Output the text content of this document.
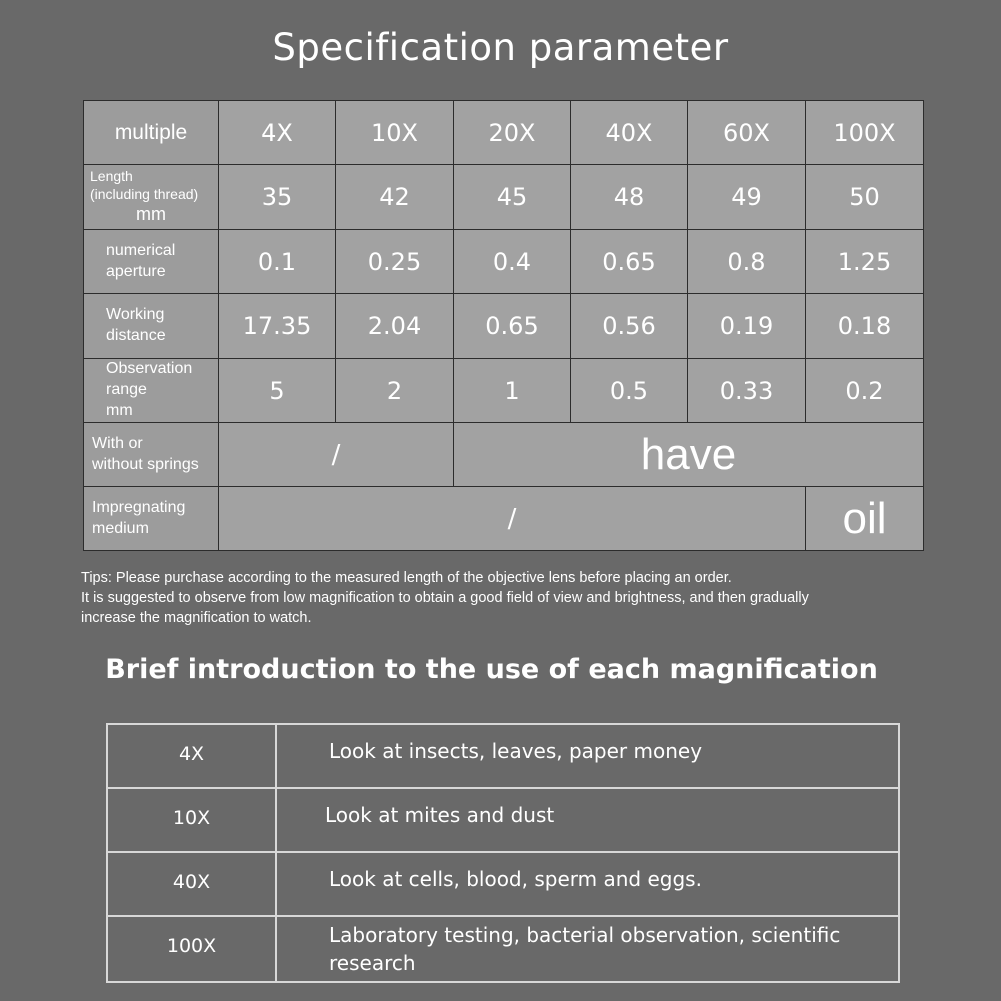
Specification parameter
multiple	4X	10X	20X	40X	60X	100X
Length
(including thread)
mm	35	42	45	48	49	50
numerical
aperture	0.1	0.25	0.4	0.65	0.8	1.25
Working
distance	17.35	2.04	0.65	0.56	0.19	0.18
Observation
range
mm	5	2	1	0.5	0.33	0.2
With or
without springs	/		have			
Impregnating
medium	/					oil
Tips: Please purchase according to the measured length of the objective lens before placing an order.
It is suggested to observe from low magnification to obtain a good field of view and brightness, and then gradually
increase the magnification to watch.
Brief introduction to the use of each magnification
4X	Look at insects, leaves, paper money
10X	Look at mites and dust
40X	Look at cells, blood, sperm and eggs.
100X	Laboratory testing, bacterial observation, scientific research
